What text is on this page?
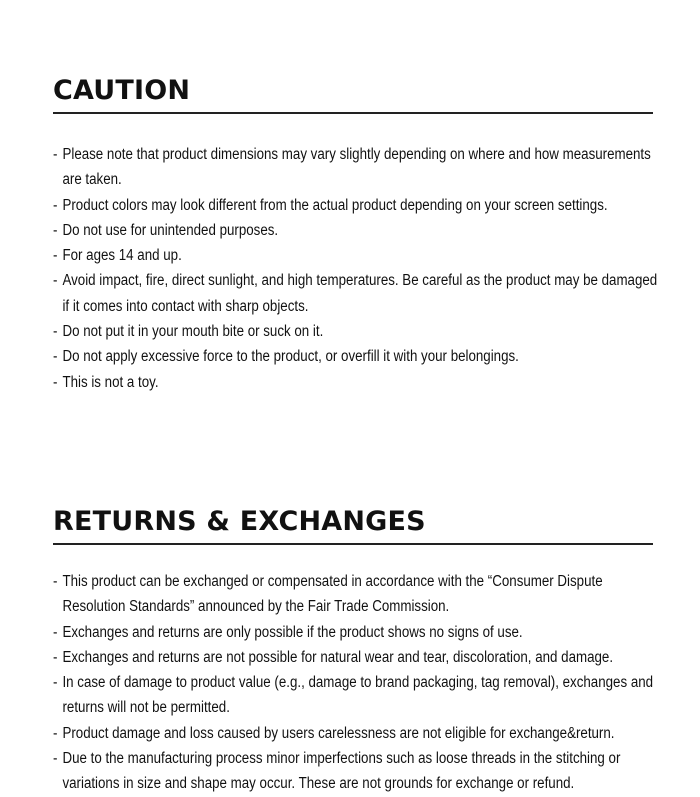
CAUTION
- Please note that product dimensions may vary slightly depending on where and how measurements are taken.
- Product colors may look different from the actual product depending on your screen settings.
- Do not use for unintended purposes.
- For ages 14 and up.
- Avoid impact, fire, direct sunlight, and high temperatures. Be careful as the product may be damaged if it comes into contact with sharp objects.
- Do not put it in your mouth bite or suck on it.
- Do not apply excessive force to the product, or overfill it with your belongings.
- This is not a toy.
RETURNS & EXCHANGES
- This product can be exchanged or compensated in accordance with the “Consumer Dispute Resolution Standards” announced by the Fair Trade Commission.
- Exchanges and returns are only possible if the product shows no signs of use.
- Exchanges and returns are not possible for natural wear and tear, discoloration, and damage.
- In case of damage to product value (e.g., damage to brand packaging, tag removal), exchanges and returns will not be permitted.
- Product damage and loss caused by users carelessness are not eligible for exchange&return.
- Due to the manufacturing process minor imperfections such as loose threads in the stitching or variations in size and shape may occur. These are not grounds for exchange or refund.
